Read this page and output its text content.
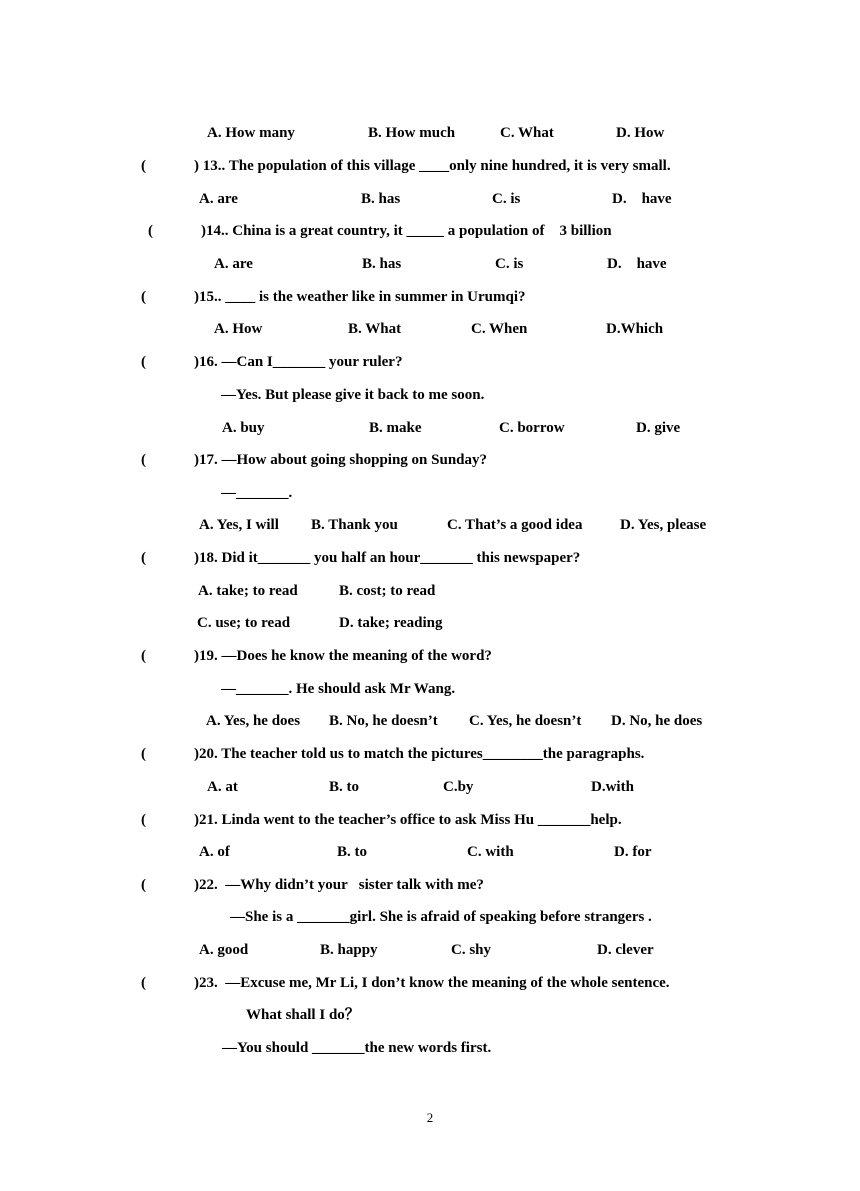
A. How many	B. How much	C. What	D. How
(	) 13.. The population of this village ____only nine hundred, it is very small.
A. are	B. has	C. is	D.    have
(	)14.. China is a great country, it _____ a population of    3 billion
A. are	B. has	C. is	D.    have
(	)15.. ____ is the weather like in summer in Urumqi?
A. How	B. What	C. When	D.Which
(	)16. —Can I_______ your ruler?
—Yes. But please give it back to me soon.
A. buy	B. make	C. borrow	D. give
(	)17. —How about going shopping on Sunday?
—_______.
A. Yes, I will B. Thank you	C. That’s a good idea	D. Yes, please
(	)18. Did it_______ you half an hour_______ this newspaper?
A. take; to read	B. cost; to read
C. use; to read	D. take; reading
(	)19. —Does he know the meaning of the word?
—_______. He should ask Mr Wang.
A. Yes, he does B. No, he doesn’t C. Yes, he doesn’t D. No, he does
(	)20. The teacher told us to match the pictures________the paragraphs.
A. at	B. to	C.by	D.with
(	)21. Linda went to the teacher’s office to ask Miss Hu _______help.
A. of	B. to	C. with	D. for
(	)22.  —Why didn’t your   sister talk with me?
—She is a _______girl. She is afraid of speaking before strangers .
A. good	B. happy	C. shy	D. clever
(	)23.  —Excuse me, Mr Li, I don’t know the meaning of the whole sentence.
What shall I do？
—You should _______the new words first.
2
